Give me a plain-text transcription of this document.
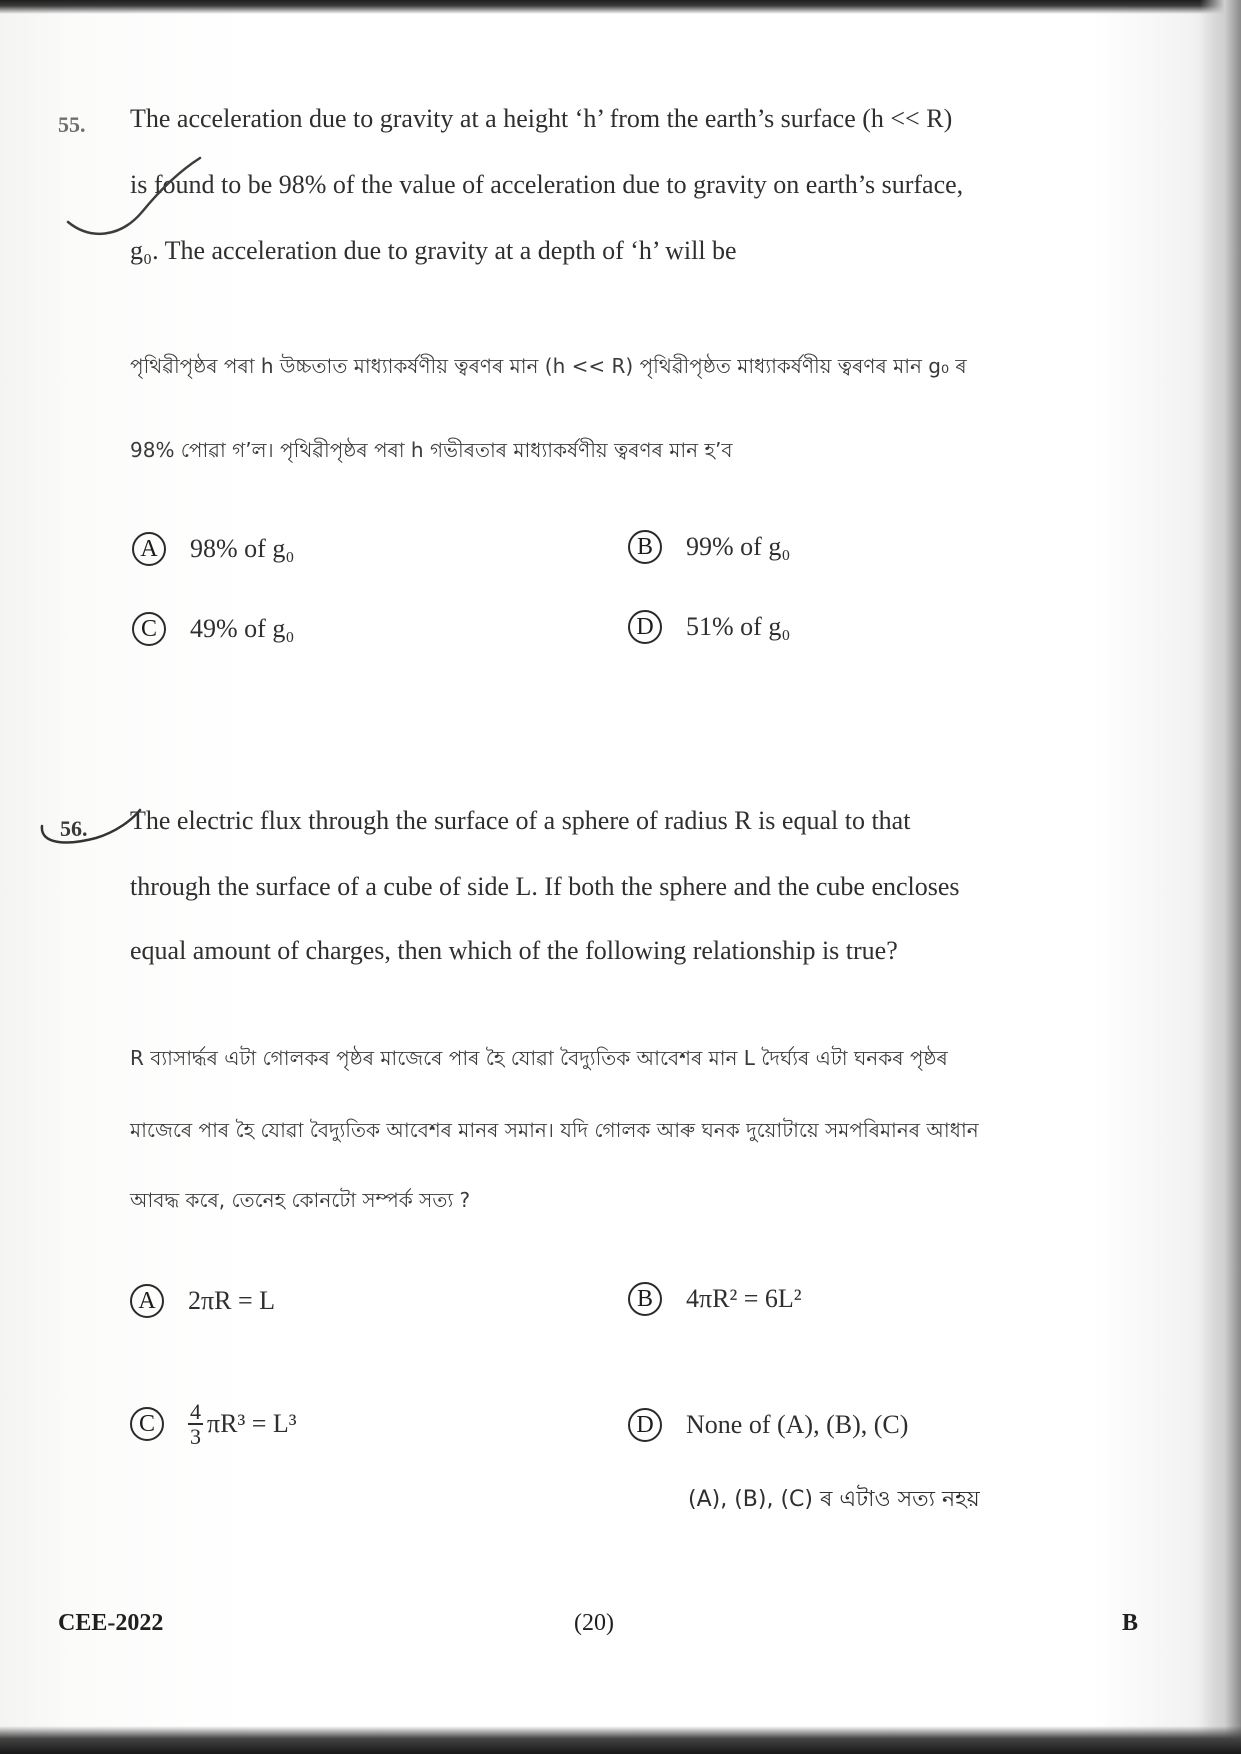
55. The acceleration due to gravity at a height ‘h’ from the earth’s surface (h << R)
is found to be 98% of the value of acceleration due to gravity on earth’s surface,
g₀. The acceleration due to gravity at a depth of ‘h’ will be
পৃথিৱীপৃষ্ঠৰ পৰা h উচ্চতাত মাধ্যাকৰ্ষণীয় ত্বৰণৰ মান (h << R) পৃথিৱীপৃষ্ঠত মাধ্যাকৰ্ষণীয় ত্বৰণৰ মান g₀ ৰ
98% পোৱা গ’ল। পৃথিৱীপৃষ্ঠৰ পৰা h গভীৰতাৰ মাধ্যাকৰ্ষণীয় ত্বৰণৰ মান হ’ব
A	98% of g₀	B	99% of g₀
C	49% of g₀	D	51% of g₀
56. The electric flux through the surface of a sphere of radius R is equal to that
through the surface of a cube of side L. If both the sphere and the cube encloses
equal amount of charges, then which of the following relationship is true?
R ব্যাসাৰ্দ্ধৰ এটা গোলকৰ পৃষ্ঠৰ মাজেৰে পাৰ হৈ যোৱা বৈদ্যুতিক আবেশৰ মান L দৈৰ্ঘ্যৰ এটা ঘনকৰ পৃষ্ঠৰ
মাজেৰে পাৰ হৈ যোৱা বৈদ্যুতিক আবেশৰ মানৰ সমান। যদি গোলক আৰু ঘনক দুয়োটায়ে সমপৰিমানৰ আধান
আবদ্ধ কৰে, তেনেহ কোনটো সম্পৰ্ক সত্য ?
A	2πR = L	B	4πR² = 6L²
C	$\frac{4}{3} \pi R^3 = L^3$	D	None of (A), (B), (C)
(A), (B), (C) ৰ এটাও সত্য নহয়
CEE-2022	(20)	B
